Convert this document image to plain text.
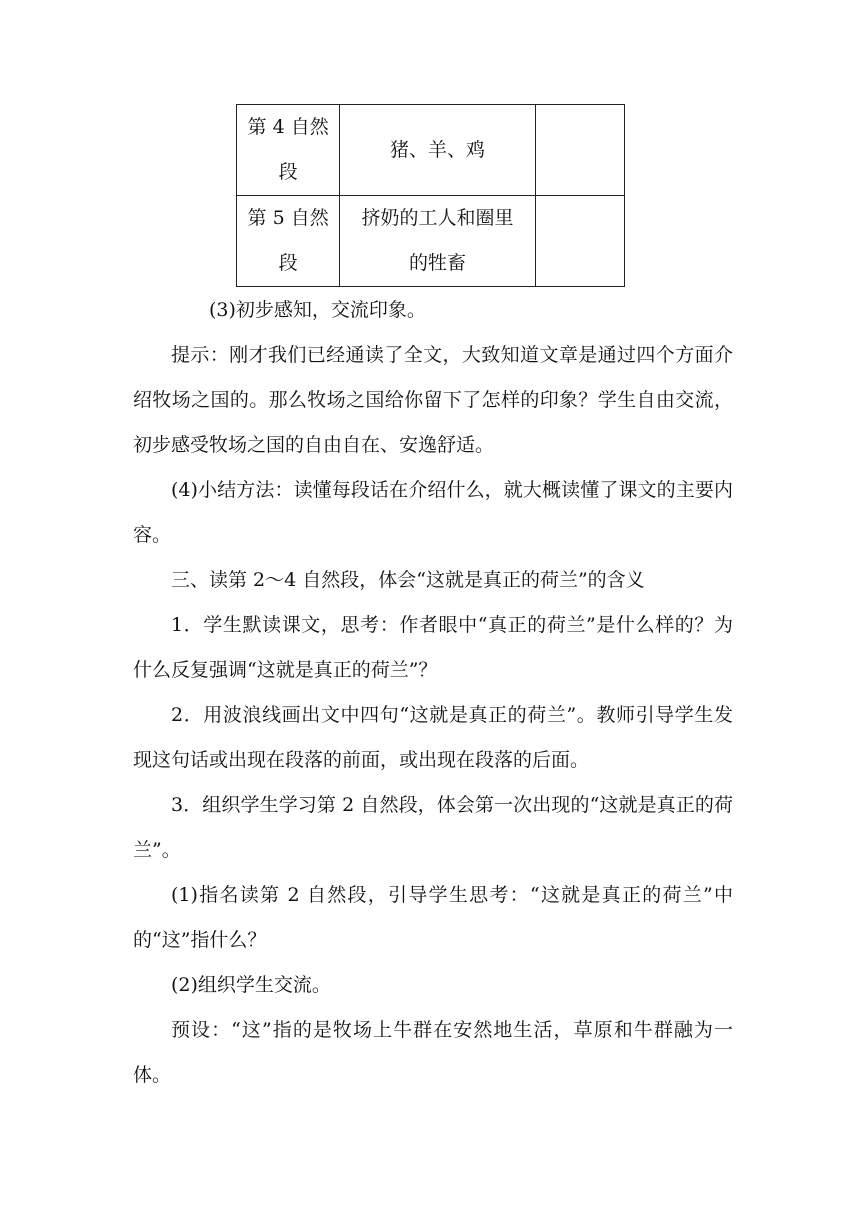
第 4 自然段	猪、羊、鸡	
第 5 自然段	挤奶的工人和圈里的牲畜	

(3)初步感知，交流印象。

提示：刚才我们已经通读了全文，大致知道文章是通过四个方面介绍牧场之国的。那么牧场之国给你留下了怎样的印象？学生自由交流，初步感受牧场之国的自由自在、安逸舒适。

(4)小结方法：读懂每段话在介绍什么，就大概读懂了课文的主要内容。

三、读第 2～4 自然段，体会“这就是真正的荷兰”的含义

1．学生默读课文，思考：作者眼中“真正的荷兰”是什么样的？为什么反复强调“这就是真正的荷兰”？

2．用波浪线画出文中四句“这就是真正的荷兰”。教师引导学生发现这句话或出现在段落的前面，或出现在段落的后面。

3．组织学生学习第 2 自然段，体会第一次出现的“这就是真正的荷兰”。

(1)指名读第 2 自然段，引导学生思考：“这就是真正的荷兰”中的“这”指什么？

(2)组织学生交流。

预设：“这”指的是牧场上牛群在安然地生活，草原和牛群融为一体。
